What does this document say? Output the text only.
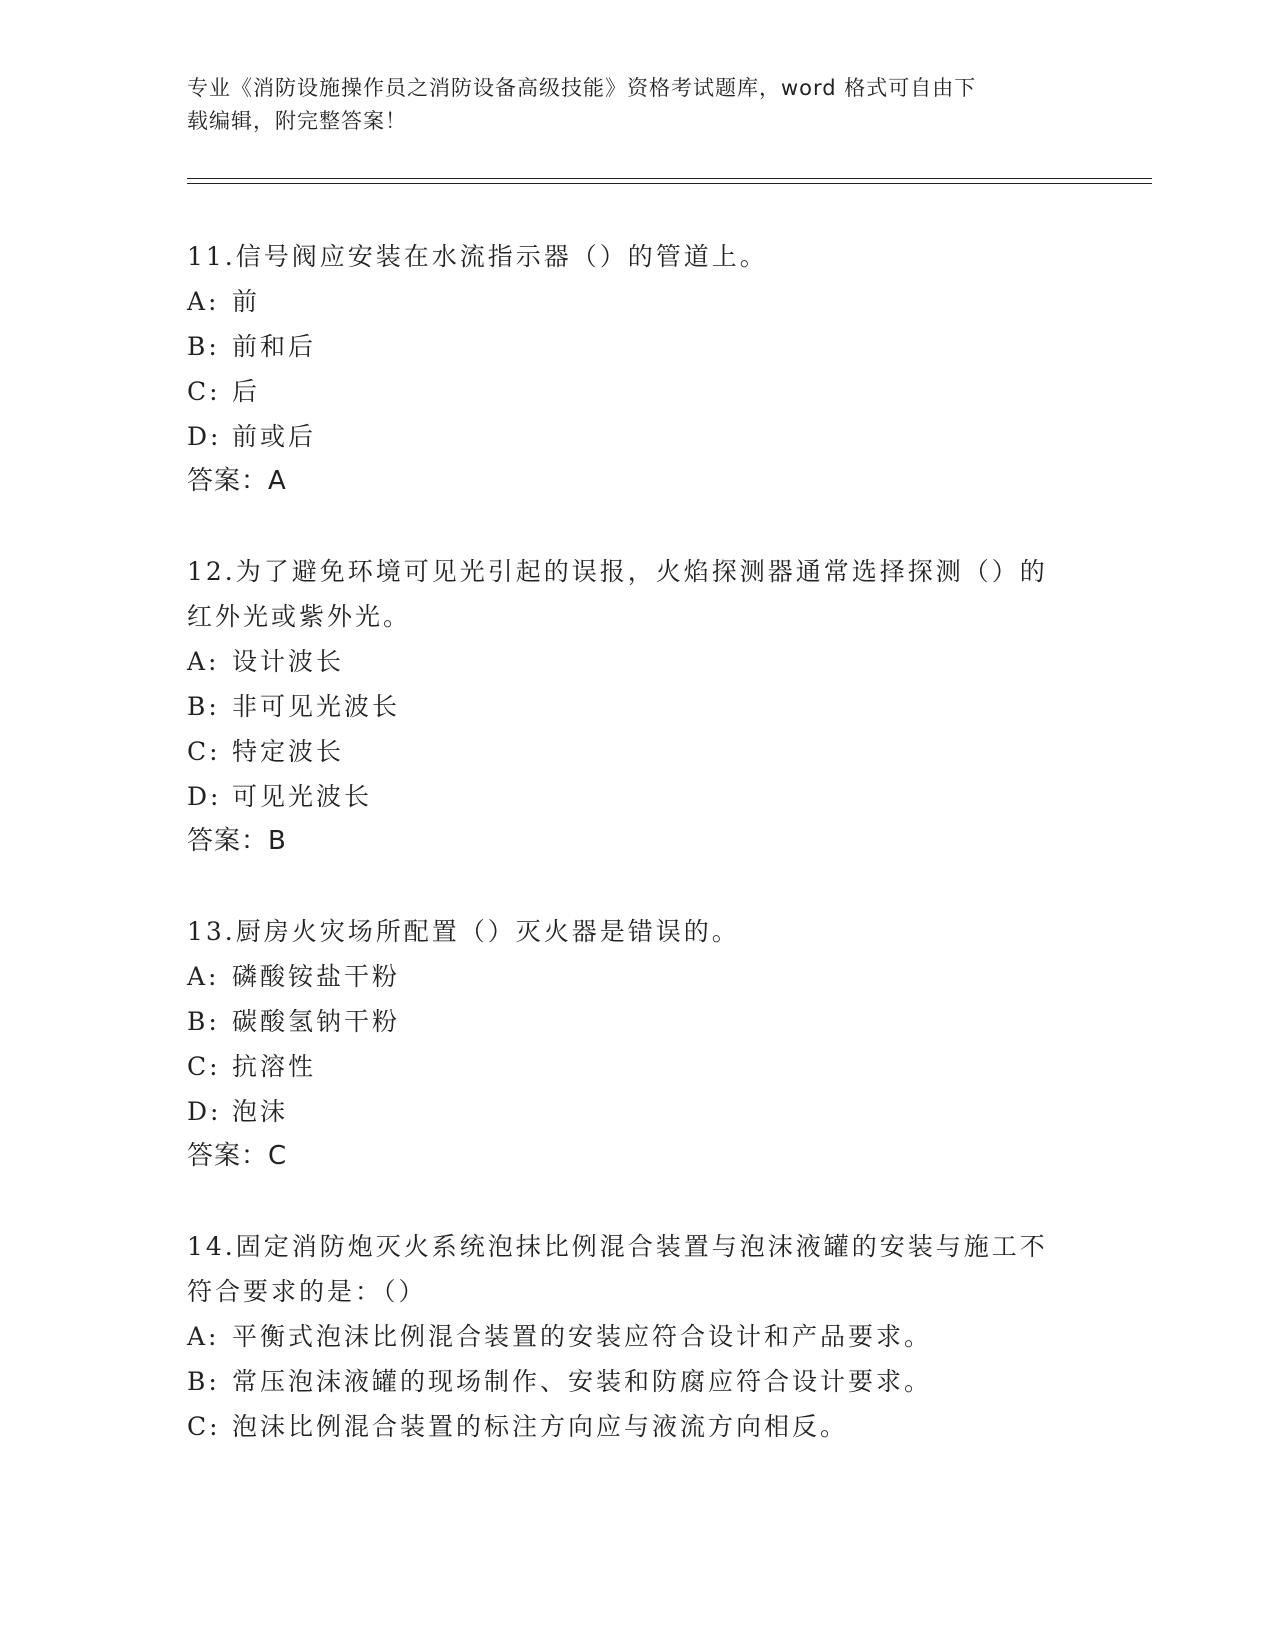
专业《消防设施操作员之消防设备高级技能》资格考试题库，word 格式可自由下
载编辑，附完整答案！
11.信号阀应安装在水流指示器（）的管道上。
A: 前
B: 前和后
C: 后
D: 前或后
答案：A
12.为了避免环境可见光引起的误报，火焰探测器通常选择探测（）的
红外光或紫外光。
A: 设计波长
B: 非可见光波长
C: 特定波长
D: 可见光波长
答案：B
13.厨房火灾场所配置（）灭火器是错误的。
A: 磷酸铵盐干粉
B: 碳酸氢钠干粉
C: 抗溶性
D: 泡沫
答案：C
14.固定消防炮灭火系统泡抹比例混合装置与泡沫液罐的安装与施工不
符合要求的是：（）
A: 平衡式泡沫比例混合装置的安装应符合设计和产品要求。
B: 常压泡沫液罐的现场制作、安装和防腐应符合设计要求。
C: 泡沫比例混合装置的标注方向应与液流方向相反。
